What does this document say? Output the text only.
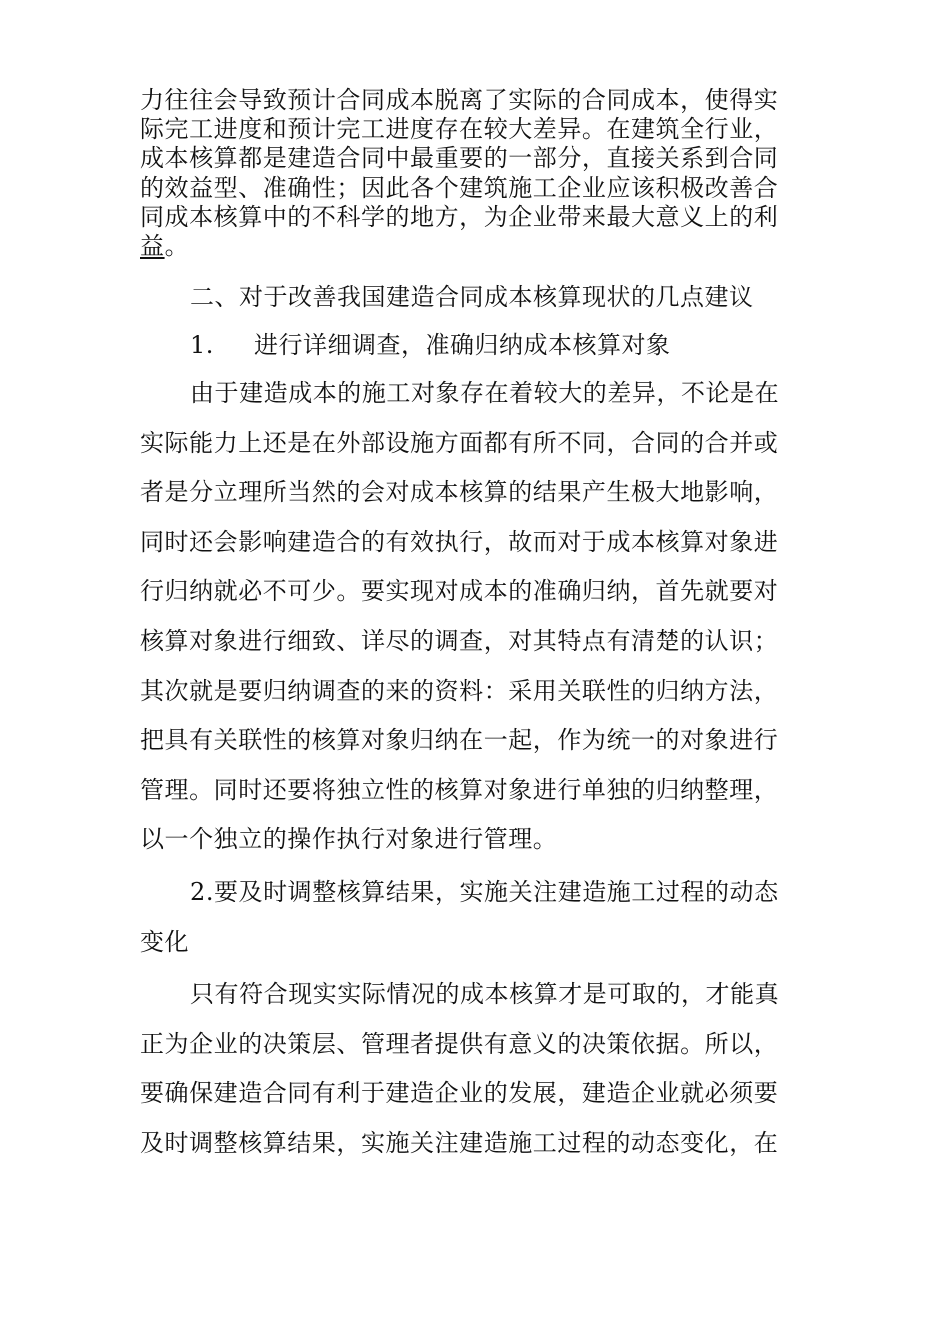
力往往会导致预计合同成本脱离了实际的合同成本，使得实
际完工进度和预计完工进度存在较大差异。在建筑全行业，
成本核算都是建造合同中最重要的一部分，直接关系到合同
的效益型、准确性；因此各个建筑施工企业应该积极改善合
同成本核算中的不科学的地方，为企业带来最大意义上的利
益。
二、对于改善我国建造合同成本核算现状的几点建议
1. 进行详细调查，准确归纳成本核算对象
由于建造成本的施工对象存在着较大的差异，不论是在
实际能力上还是在外部设施方面都有所不同，合同的合并或
者是分立理所当然的会对成本核算的结果产生极大地影响，
同时还会影响建造合的有效执行，故而对于成本核算对象进
行归纳就必不可少。要实现对成本的准确归纳，首先就要对
核算对象进行细致、详尽的调查，对其特点有清楚的认识；
其次就是要归纳调查的来的资料：采用关联性的归纳方法，
把具有关联性的核算对象归纳在一起，作为统一的对象进行
管理。同时还要将独立性的核算对象进行单独的归纳整理，
以一个独立的操作执行对象进行管理。
2.要及时调整核算结果，实施关注建造施工过程的动态
变化
只有符合现实实际情况的成本核算才是可取的，才能真
正为企业的决策层、管理者提供有意义的决策依据。所以，
要确保建造合同有利于建造企业的发展，建造企业就必须要
及时调整核算结果，实施关注建造施工过程的动态变化，在
